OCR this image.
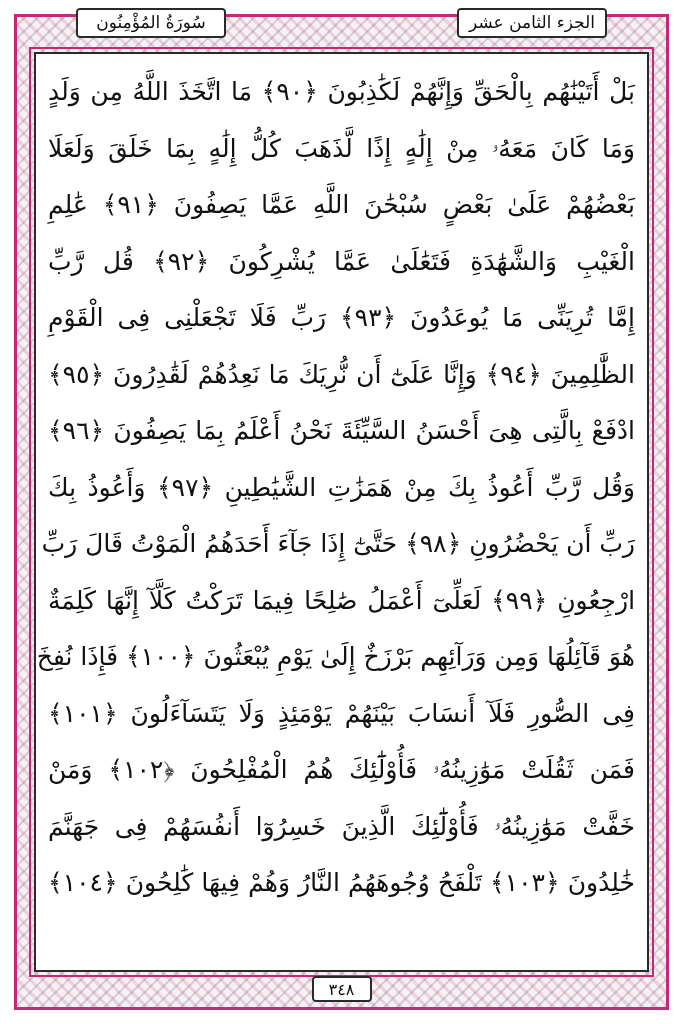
سُورَةُ المُؤْمِنُون	الجزء الثامن عشر
بَلْ أَتَيْنَٰهُم بِالْحَقِّ وَإِنَّهُمْ لَكَٰذِبُونَ ﴿٩٠﴾ مَا اتَّخَذَ اللَّهُ مِن وَلَدٍ
وَمَا كَانَ مَعَهُۥ مِنْ إِلَٰهٍ إِذًا لَّذَهَبَ كُلُّ إِلَٰهٍ بِمَا خَلَقَ وَلَعَلَا
بَعْضُهُمْ عَلَىٰ بَعْضٍ سُبْحَٰنَ اللَّهِ عَمَّا يَصِفُونَ ﴿٩١﴾ عَٰلِمِ
الْغَيْبِ وَالشَّهَٰدَةِ فَتَعَٰلَىٰ عَمَّا يُشْرِكُونَ ﴿٩٢﴾ قُل رَّبِّ
إِمَّا تُرِيَنِّى مَا يُوعَدُونَ ﴿٩٣﴾ رَبِّ فَلَا تَجْعَلْنِى فِى الْقَوْمِ
الظَّٰلِمِينَ ﴿٩٤﴾ وَإِنَّا عَلَىٰٓ أَن نُّرِيَكَ مَا نَعِدُهُمْ لَقَٰدِرُونَ ﴿٩٥﴾
ادْفَعْ بِالَّتِى هِىَ أَحْسَنُ السَّيِّئَةَ نَحْنُ أَعْلَمُ بِمَا يَصِفُونَ ﴿٩٦﴾
وَقُل رَّبِّ أَعُوذُ بِكَ مِنْ هَمَزَٰتِ الشَّيَٰطِينِ ﴿٩٧﴾ وَأَعُوذُ بِكَ
رَبِّ أَن يَحْضُرُونِ ﴿٩٨﴾ حَتَّىٰٓ إِذَا جَآءَ أَحَدَهُمُ الْمَوْتُ قَالَ رَبِّ
ارْجِعُونِ ﴿٩٩﴾ لَعَلِّىٓ أَعْمَلُ صَٰلِحًا فِيمَا تَرَكْتُ كَلَّآ إِنَّهَا كَلِمَةٌ
هُوَ قَآئِلُهَا وَمِن وَرَآئِهِم بَرْزَخٌ إِلَىٰ يَوْمِ يُبْعَثُونَ ﴿١٠٠﴾ فَإِذَا نُفِخَ
فِى الصُّورِ فَلَآ أَنسَابَ بَيْنَهُمْ يَوْمَئِذٍ وَلَا يَتَسَآءَلُونَ ﴿١٠١﴾
فَمَن ثَقُلَتْ مَوَٰزِينُهُۥ فَأُوْلَٰٓئِكَ هُمُ الْمُفْلِحُونَ ﴿١٠٢﴾ وَمَنْ
خَفَّتْ مَوَٰزِينُهُۥ فَأُوْلَٰٓئِكَ الَّذِينَ خَسِرُوٓا أَنفُسَهُمْ فِى جَهَنَّمَ
خَٰلِدُونَ ﴿١٠٣﴾ تَلْفَحُ وُجُوهَهُمُ النَّارُ وَهُمْ فِيهَا كَٰلِحُونَ ﴿١٠٤﴾
٣٤٨
